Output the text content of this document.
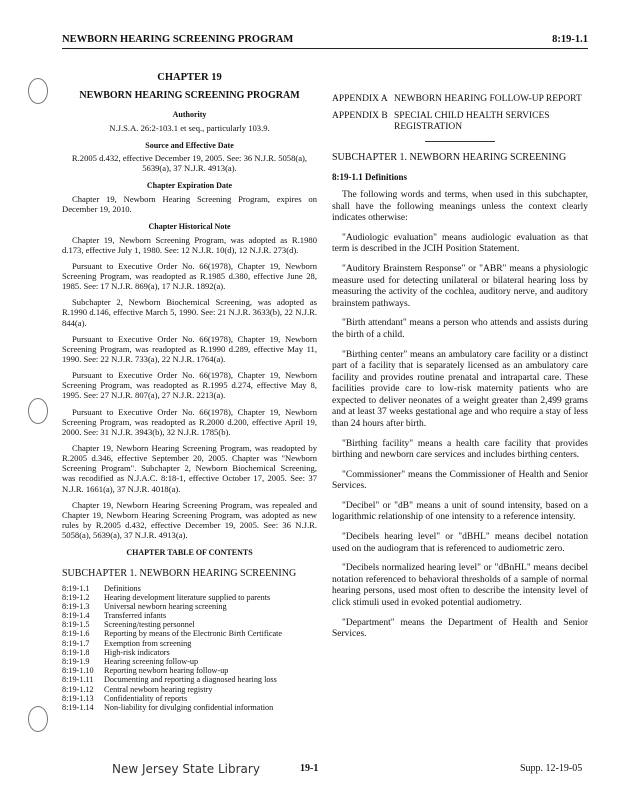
NEWBORN HEARING SCREENING PROGRAM	8:19-1.1
CHAPTER 19
NEWBORN HEARING SCREENING PROGRAM
Authority

N.J.S.A. 26:2-103.1 et seq., particularly 103.9.

Source and Effective Date

R.2005 d.432, effective December 19, 2005. See: 36 N.J.R. 5058(a), 5639(a), 37 N.J.R. 4913(a).

Chapter Expiration Date

Chapter 19, Newborn Hearing Screening Program, expires on December 19, 2010.

Chapter Historical Note

Chapter 19, Newborn Screening Program, was adopted as R.1980 d.173, effective July 1, 1980. See: 12 N.J.R. 10(d), 12 N.J.R. 273(d).

Pursuant to Executive Order No. 66(1978), Chapter 19, Newborn Screening Program, was readopted as R.1985 d.380, effective June 28, 1985. See: 17 N.J.R. 869(a), 17 N.J.R. 1892(a).

Subchapter 2, Newborn Biochemical Screening, was adopted as R.1990 d.146, effective March 5, 1990. See: 21 N.J.R. 3633(b), 22 N.J.R. 844(a).

Pursuant to Executive Order No. 66(1978), Chapter 19, Newborn Screening Program, was readopted as R.1990 d.289, effective May 11, 1990. See: 22 N.J.R. 733(a), 22 N.J.R. 1764(a).

Pursuant to Executive Order No. 66(1978), Chapter 19, Newborn Screening Program, was readopted as R.1995 d.274, effective May 8, 1995. See: 27 N.J.R. 807(a), 27 N.J.R. 2213(a).

Pursuant to Executive Order No. 66(1978), Chapter 19, Newborn Screening Program, was readopted as R.2000 d.200, effective April 19, 2000. See: 31 N.J.R. 3943(b), 32 N.J.R. 1785(b).

Chapter 19, Newborn Hearing Screening Program, was readopted by R.2005 d.346, effective September 20, 2005. Chapter was "Newborn Screening Program". Subchapter 2, Newborn Biochemical Screening, was recodified as N.J.A.C. 8:18-1, effective October 17, 2005. See: 37 N.J.R. 1661(a), 37 N.J.R. 4018(a).

Chapter 19, Newborn Hearing Screening Program, was repealed and Chapter 19, Newborn Hearing Screening Program, was adopted as new rules by R.2005 d.432, effective December 19, 2005. See: 36 N.J.R. 5058(a), 5639(a), 37 N.J.R. 4913(a).

CHAPTER TABLE OF CONTENTS
SUBCHAPTER 1. NEWBORN HEARING SCREENING
8:19-1.1	Definitions
8:19-1.2	Hearing development literature supplied to parents
8:19-1.3	Universal newborn hearing screening
8:19-1.4	Transferred infants
8:19-1.5	Screening/testing personnel
8:19-1.6	Reporting by means of the Electronic Birth Certificate
8:19-1.7	Exemption from screening
8:19-1.8	High-risk indicators
8:19-1.9	Hearing screening follow-up
8:19-1.10	Reporting newborn hearing follow-up
8:19-1.11	Documenting and reporting a diagnosed hearing loss
8:19-1.12	Central newborn hearing registry
8:19-1.13	Confidentiality of reports
8:19-1.14	Non-liability for divulging confidential information
APPENDIX A NEWBORN HEARING FOLLOW-UP REPORT
APPENDIX B SPECIAL CHILD HEALTH SERVICES REGISTRATION
SUBCHAPTER 1. NEWBORN HEARING SCREENING
8:19-1.1 Definitions

The following words and terms, when used in this subchapter, shall have the following meanings unless the context clearly indicates otherwise:

"Audiologic evaluation" means audiologic evaluation as that term is described in the JCIH Position Statement.

"Auditory Brainstem Response" or "ABR" means a physiologic measure used for detecting unilateral or bilateral hearing loss by measuring the activity of the cochlea, auditory nerve, and auditory brainstem pathways.

"Birth attendant" means a person who attends and assists during the birth of a child.

"Birthing center" means an ambulatory care facility or a distinct part of a facility that is separately licensed as an ambulatory care facility and provides routine prenatal and intrapartal care. These facilities provide care to low-risk maternity patients who are expected to deliver neonates of a weight greater than 2,499 grams and at least 37 weeks gestational age and who require a stay of less than 24 hours after birth.

"Birthing facility" means a health care facility that provides birthing and newborn care services and includes birthing centers.

"Commissioner" means the Commissioner of Health and Senior Services.

"Decibel" or "dB" means a unit of sound intensity, based on a logarithmic relationship of one intensity to a reference intensity.

"Decibels hearing level" or "dBHL" means decibel notation used on the audiogram that is referenced to audiometric zero.

"Decibels normalized hearing level" or "dBnHL" means decibel notation referenced to behavioral thresholds of a sample of normal hearing persons, used most often to describe the intensity level of click stimuli used in evoked potential audiometry.

"Department" means the Department of Health and Senior Services.

New Jersey State Library	19-1	Supp. 12-19-05
